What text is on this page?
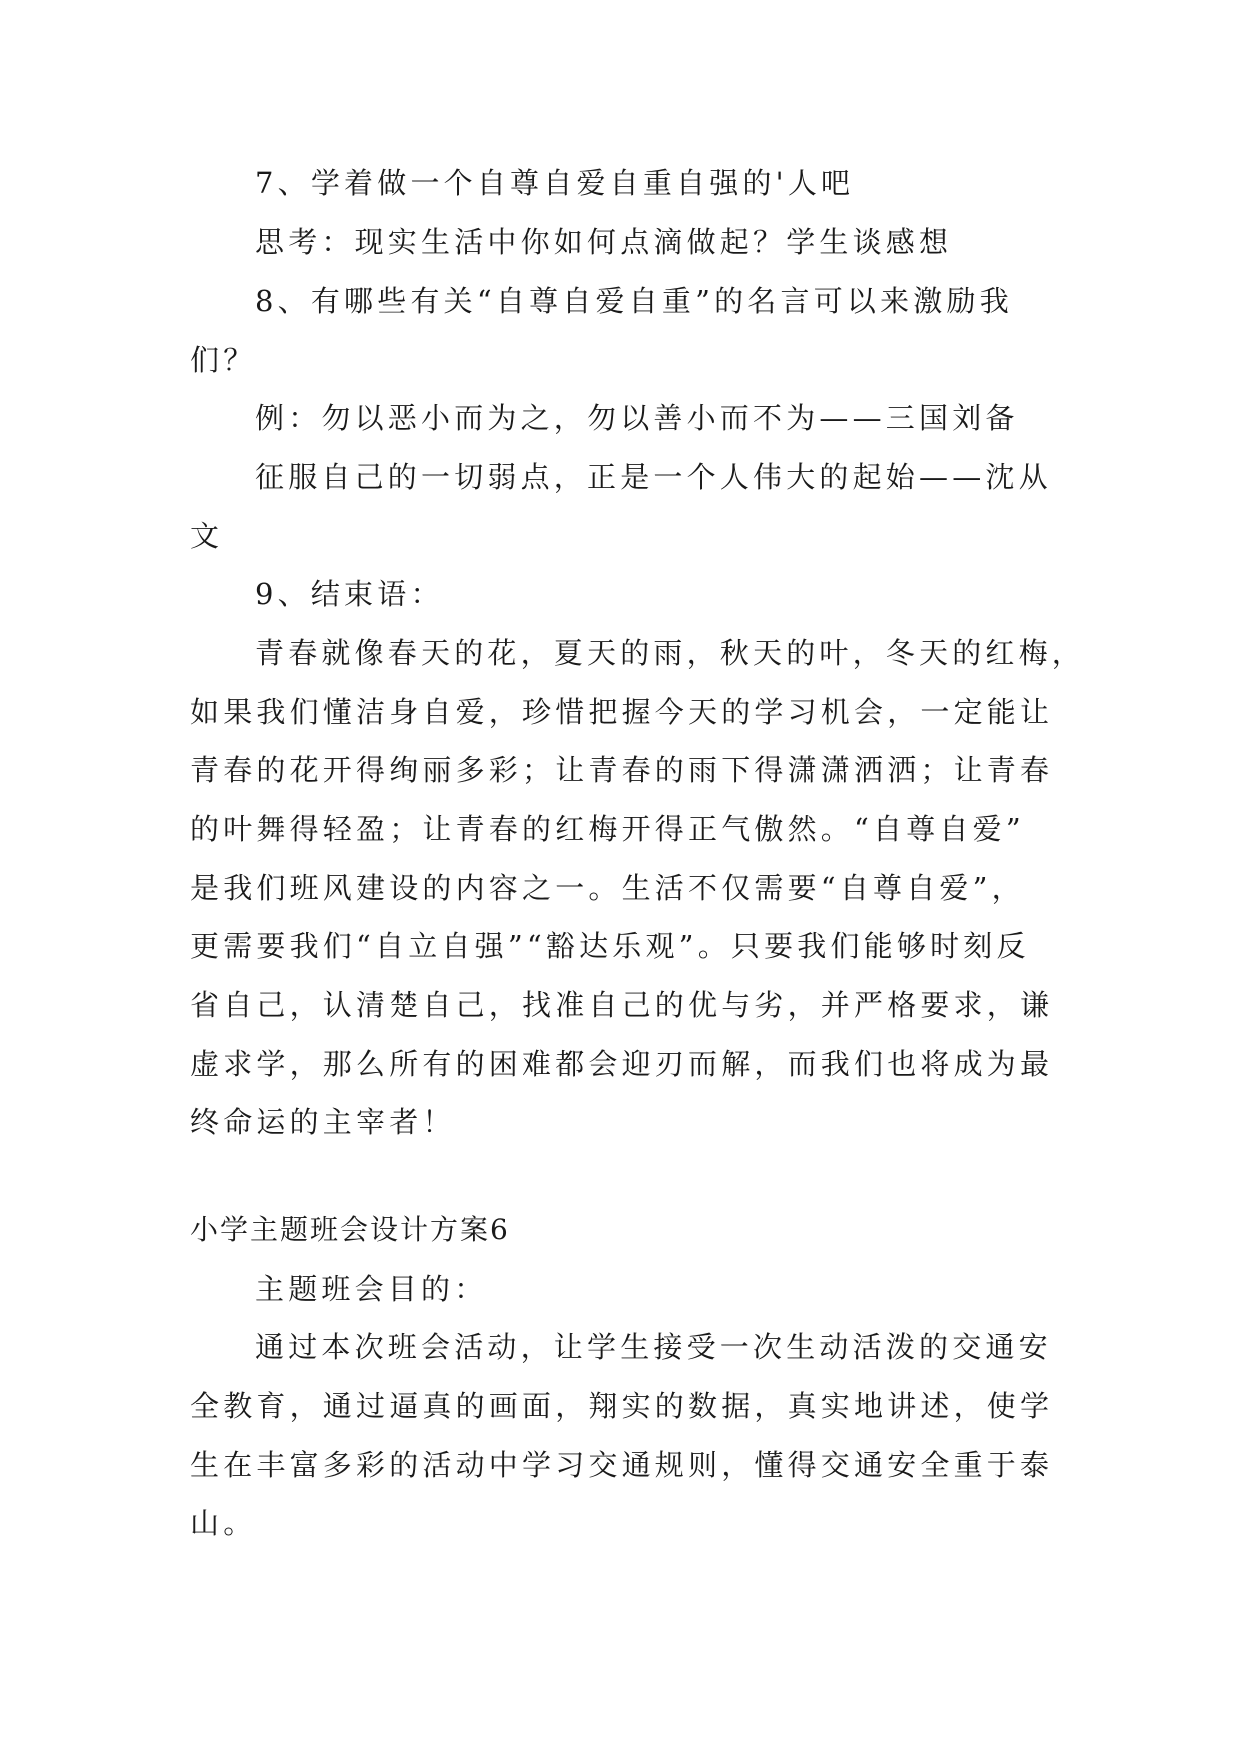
7、学着做一个自尊自爱自重自强的'人吧

思考：现实生活中你如何点滴做起？学生谈感想

8、有哪些有关“自尊自爱自重”的名言可以来激励我

们？

例：勿以恶小而为之，勿以善小而不为——三国刘备

征服自己的一切弱点，正是一个人伟大的起始——沈从

文

9、结束语：

青春就像春天的花，夏天的雨，秋天的叶，冬天的红梅，

如果我们懂洁身自爱，珍惜把握今天的学习机会，一定能让

青春的花开得绚丽多彩；让青春的雨下得潇潇洒洒；让青春

的叶舞得轻盈；让青春的红梅开得正气傲然。“自尊自爱”

是我们班风建设的内容之一。生活不仅需要“自尊自爱”，

更需要我们“自立自强”“豁达乐观”。只要我们能够时刻反

省自己，认清楚自己，找准自己的优与劣，并严格要求，谦

虚求学，那么所有的困难都会迎刃而解，而我们也将成为最

终命运的主宰者！

小学主题班会设计方案6

主题班会目的：

通过本次班会活动，让学生接受一次生动活泼的交通安

全教育，通过逼真的画面，翔实的数据，真实地讲述，使学

生在丰富多彩的活动中学习交通规则，懂得交通安全重于泰

山。
